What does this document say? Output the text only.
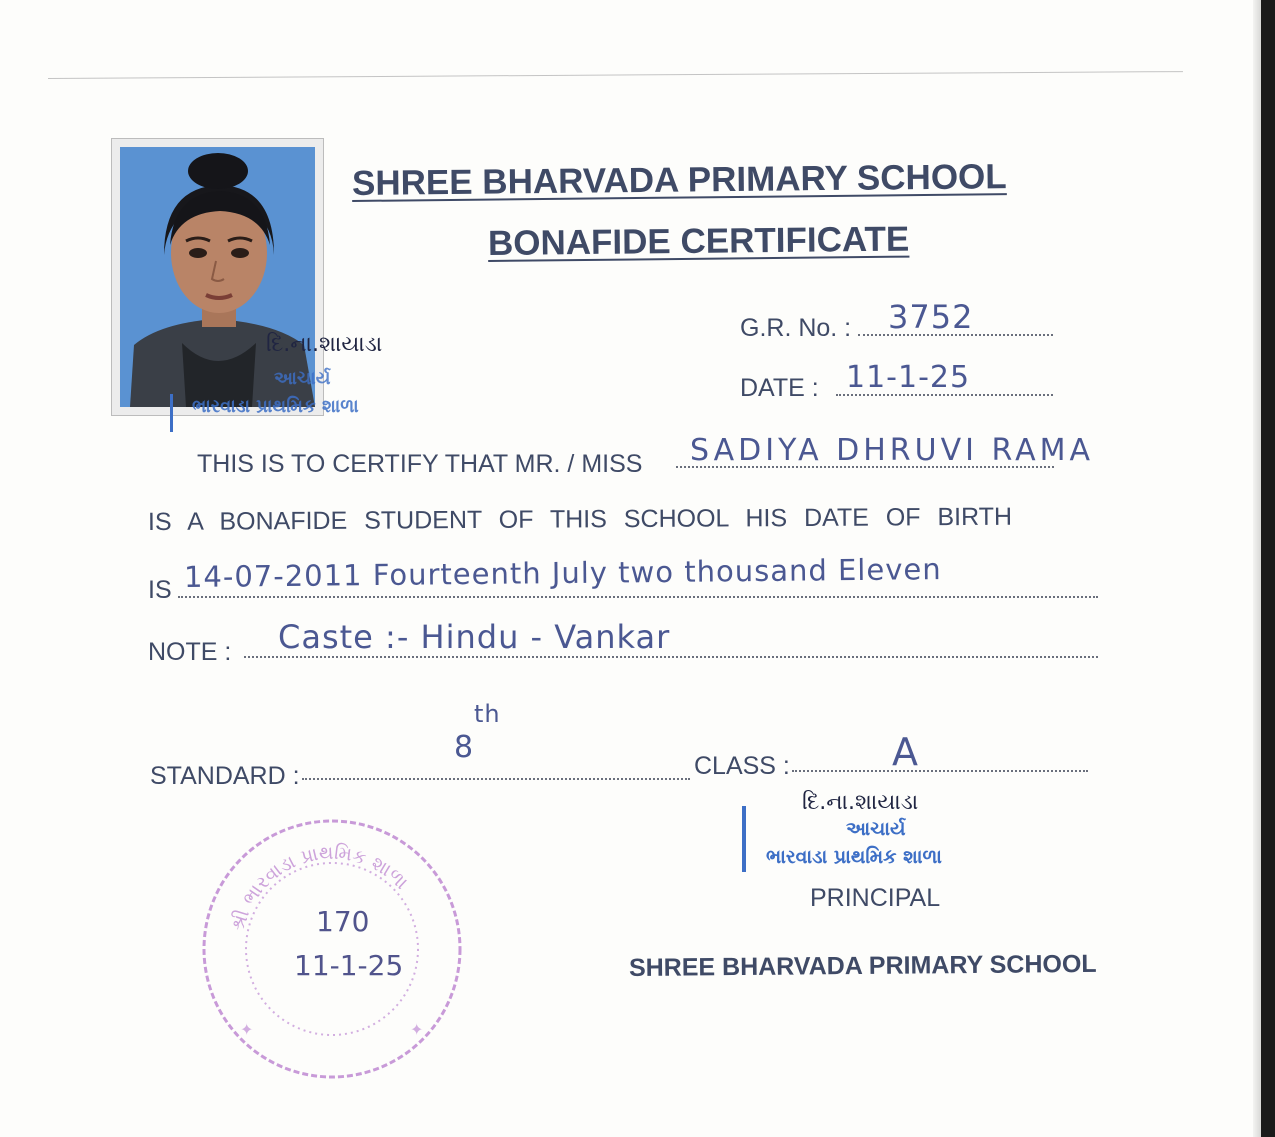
દિ.ના.શાયાડા
આચાર્ય
ભારવાડા પ્રાથમિક શાળા
SHREE BHARVADA PRIMARY SCHOOL
BONAFIDE CERTIFICATE
G.R. No. : 3752
DATE : 11-1-25
THIS IS TO CERTIFY THAT MR. / MISS SADIYA DHRUVI RAMA
IS A BONAFIDE STUDENT OF THIS SCHOOL HIS DATE OF BIRTH
IS 14-07-2011 Fourteenth July two thousand Eleven
NOTE : Caste :- Hindu - Vankar
STANDARD :
8
th
CLASS :	A
દિ.ના.શાયાડા
આચાર્ય
ભારવાડા પ્રાથમિક શાળા
PRINCIPAL
SHREE BHARVADA PRIMARY SCHOOL
શ્રી ભારવાડા પ્રાથમિક શાળા
✦	✦
170
11-1-25
